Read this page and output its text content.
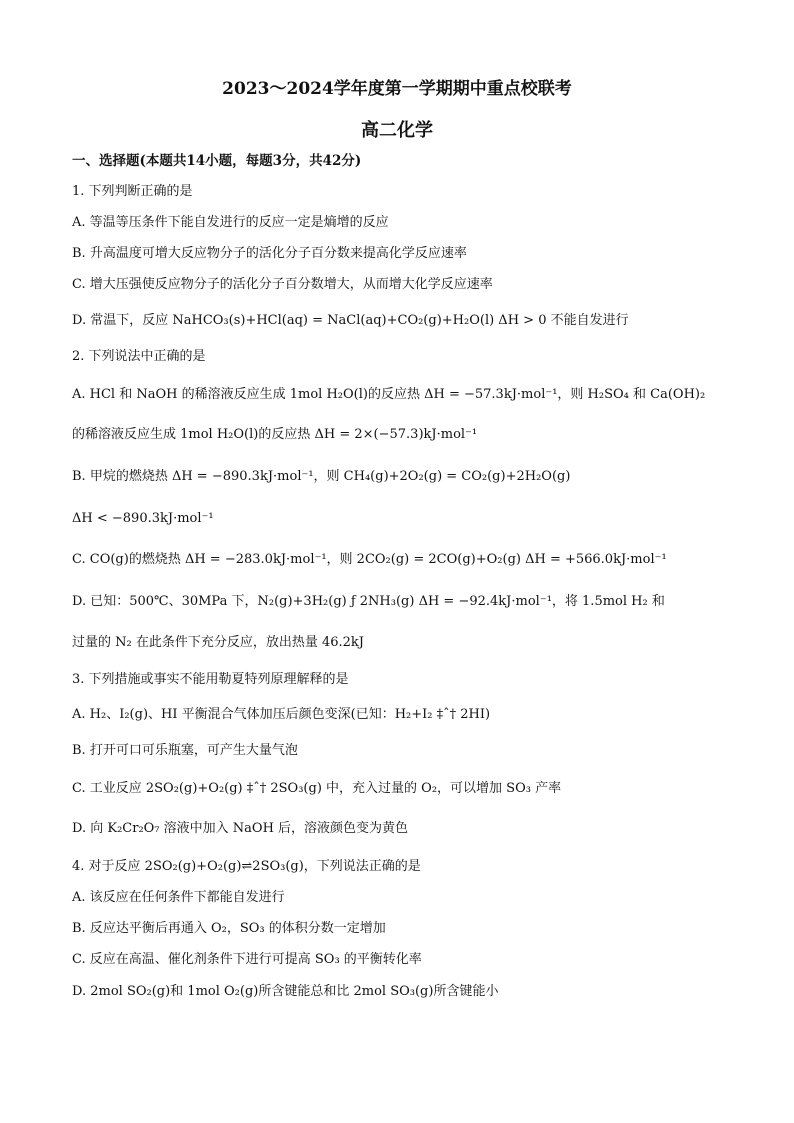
2023～2024学年度第一学期期中重点校联考
高二化学
一、选择题(本题共14小题，每题3分，共42分)
1. 下列判断正确的是
A. 等温等压条件下能自发进行的反应一定是熵增的反应
B. 升高温度可增大反应物分子的活化分子百分数来提高化学反应速率
C. 增大压强使反应物分子的活化分子百分数增大，从而增大化学反应速率
D. 常温下，反应 NaHCO₃(s)+HCl(aq) = NaCl(aq)+CO₂(g)+H₂O(l) ΔH > 0 不能自发进行
2. 下列说法中正确的是
A. HCl 和 NaOH 的稀溶液反应生成 1mol H₂O(l)的反应热 ΔH = −57.3kJ·mol⁻¹，则 H₂SO₄ 和 Ca(OH)₂
的稀溶液反应生成 1mol H₂O(l)的反应热 ΔH = 2×(−57.3)kJ·mol⁻¹
B. 甲烷的燃烧热 ΔH = −890.3kJ·mol⁻¹，则 CH₄(g)+2O₂(g) = CO₂(g)+2H₂O(g)
ΔH < −890.3kJ·mol⁻¹
C. CO(g)的燃烧热 ΔH = −283.0kJ·mol⁻¹，则 2CO₂(g) = 2CO(g)+O₂(g) ΔH = +566.0kJ·mol⁻¹
D. 已知：500℃、30MPa 下，N₂(g)+3H₂(g) ƒ 2NH₃(g) ΔH = −92.4kJ·mol⁻¹，将 1.5mol H₂ 和
过量的 N₂ 在此条件下充分反应，放出热量 46.2kJ
3. 下列措施或事实不能用勒夏特列原理解释的是
A. H₂、I₂(g)、HI 平衡混合气体加压后颜色变深(已知：H₂+I₂ ‡ˆ† 2HI)
B. 打开可口可乐瓶塞，可产生大量气泡
C. 工业反应 2SO₂(g)+O₂(g) ‡ˆ† 2SO₃(g) 中，充入过量的 O₂，可以增加 SO₃ 产率
D. 向 K₂Cr₂O₇ 溶液中加入 NaOH 后，溶液颜色变为黄色
4. 对于反应 2SO₂(g)+O₂(g)⇌2SO₃(g)，下列说法正确的是
A. 该反应在任何条件下都能自发进行
B. 反应达平衡后再通入 O₂，SO₃ 的体积分数一定增加
C. 反应在高温、催化剂条件下进行可提高 SO₃ 的平衡转化率
D. 2mol SO₂(g)和 1mol O₂(g)所含键能总和比 2mol SO₃(g)所含键能小
